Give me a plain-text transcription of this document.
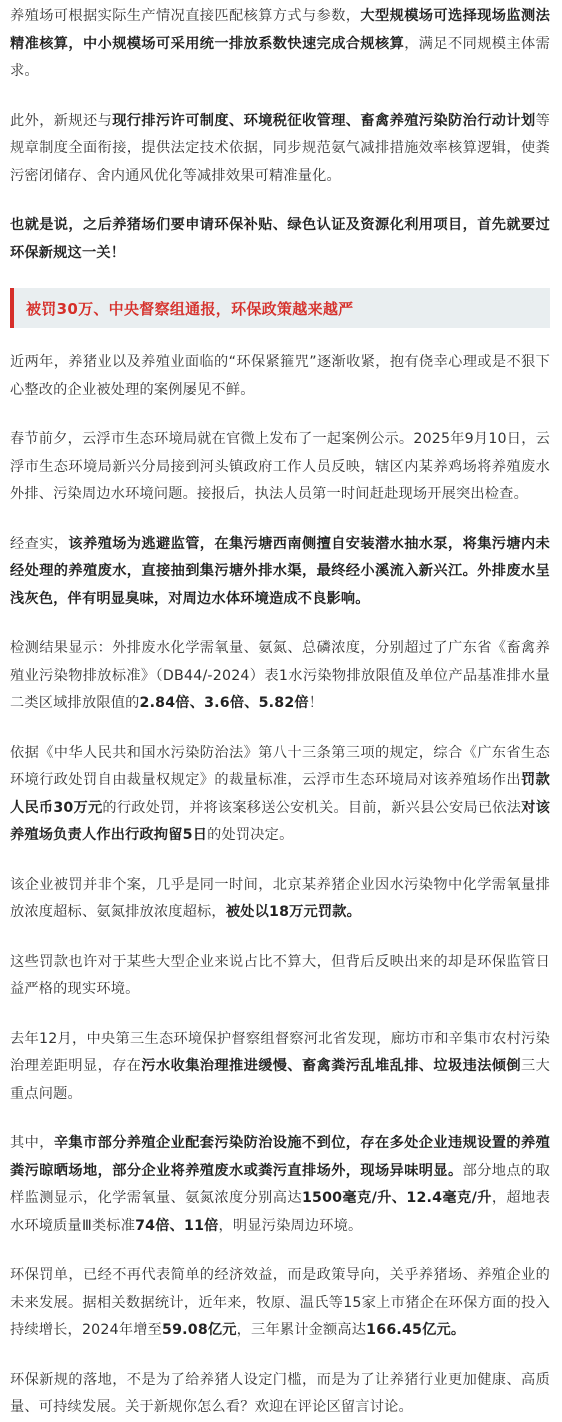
养殖场可根据实际生产情况直接匹配核算方式与参数，大型规模场可选择现场监测法精准核算，中小规模场可采用统一排放系数快速完成合规核算，满足不同规模主体需求。

此外，新规还与现行排污许可制度、环境税征收管理、畜禽养殖污染防治行动计划等规章制度全面衔接，提供法定技术依据，同步规范氨气减排措施效率核算逻辑，使粪污密闭储存、舍内通风优化等减排效果可精准量化。

也就是说，之后养猪场们要申请环保补贴、绿色认证及资源化利用项目，首先就要过环保新规这一关！

被罚30万、中央督察组通报，环保政策越来越严

近两年，养猪业以及养殖业面临的“环保紧箍咒”逐渐收紧，抱有侥幸心理或是不狠下心整改的企业被处理的案例屡见不鲜。

春节前夕，云浮市生态环境局就在官微上发布了一起案例公示。2025年9月10日，云浮市生态环境局新兴分局接到河头镇政府工作人员反映，辖区内某养鸡场将养殖废水外排、污染周边水环境问题。接报后，执法人员第一时间赶赴现场开展突出检查。

经查实，该养殖场为逃避监管，在集污塘西南侧擅自安装潜水抽水泵，将集污塘内未经处理的养殖废水，直接抽到集污塘外排水渠，最终经小溪流入新兴江。外排废水呈浅灰色，伴有明显臭味，对周边水体环境造成不良影响。

检测结果显示：外排废水化学需氧量、氨氮、总磷浓度，分别超过了广东省《畜禽养殖业污染物排放标准》（DB44/-2024）表1水污染物排放限值及单位产品基准排水量二类区域排放限值的2.84倍、3.6倍、5.82倍！

依据《中华人民共和国水污染防治法》第八十三条第三项的规定，综合《广东省生态环境行政处罚自由裁量权规定》的裁量标准，云浮市生态环境局对该养殖场作出罚款人民币30万元的行政处罚，并将该案移送公安机关。目前，新兴县公安局已依法对该养殖场负责人作出行政拘留5日的处罚决定。

该企业被罚并非个案，几乎是同一时间，北京某养猪企业因水污染物中化学需氧量排放浓度超标、氨氮排放浓度超标，被处以18万元罚款。

这些罚款也许对于某些大型企业来说占比不算大，但背后反映出来的却是环保监管日益严格的现实环境。

去年12月，中央第三生态环境保护督察组督察河北省发现，廊坊市和辛集市农村污染治理差距明显，存在污水收集治理推进缓慢、畜禽粪污乱堆乱排、垃圾违法倾倒三大重点问题。

其中，辛集市部分养殖企业配套污染防治设施不到位，存在多处企业违规设置的养殖粪污晾晒场地，部分企业将养殖废水或粪污直排场外，现场异味明显。部分地点的取样监测显示，化学需氧量、氨氮浓度分别高达1500毫克/升、12.4毫克/升，超地表水环境质量Ⅲ类标准74倍、11倍，明显污染周边环境。

环保罚单，已经不再代表简单的经济效益，而是政策导向，关乎养猪场、养殖企业的未来发展。据相关数据统计，近年来，牧原、温氏等15家上市猪企在环保方面的投入持续增长，2024年增至59.08亿元，三年累计金额高达166.45亿元。

环保新规的落地，不是为了给养猪人设定门槛，而是为了让养猪行业更加健康、高质量、可持续发展。关于新规你怎么看？欢迎在评论区留言讨论。
